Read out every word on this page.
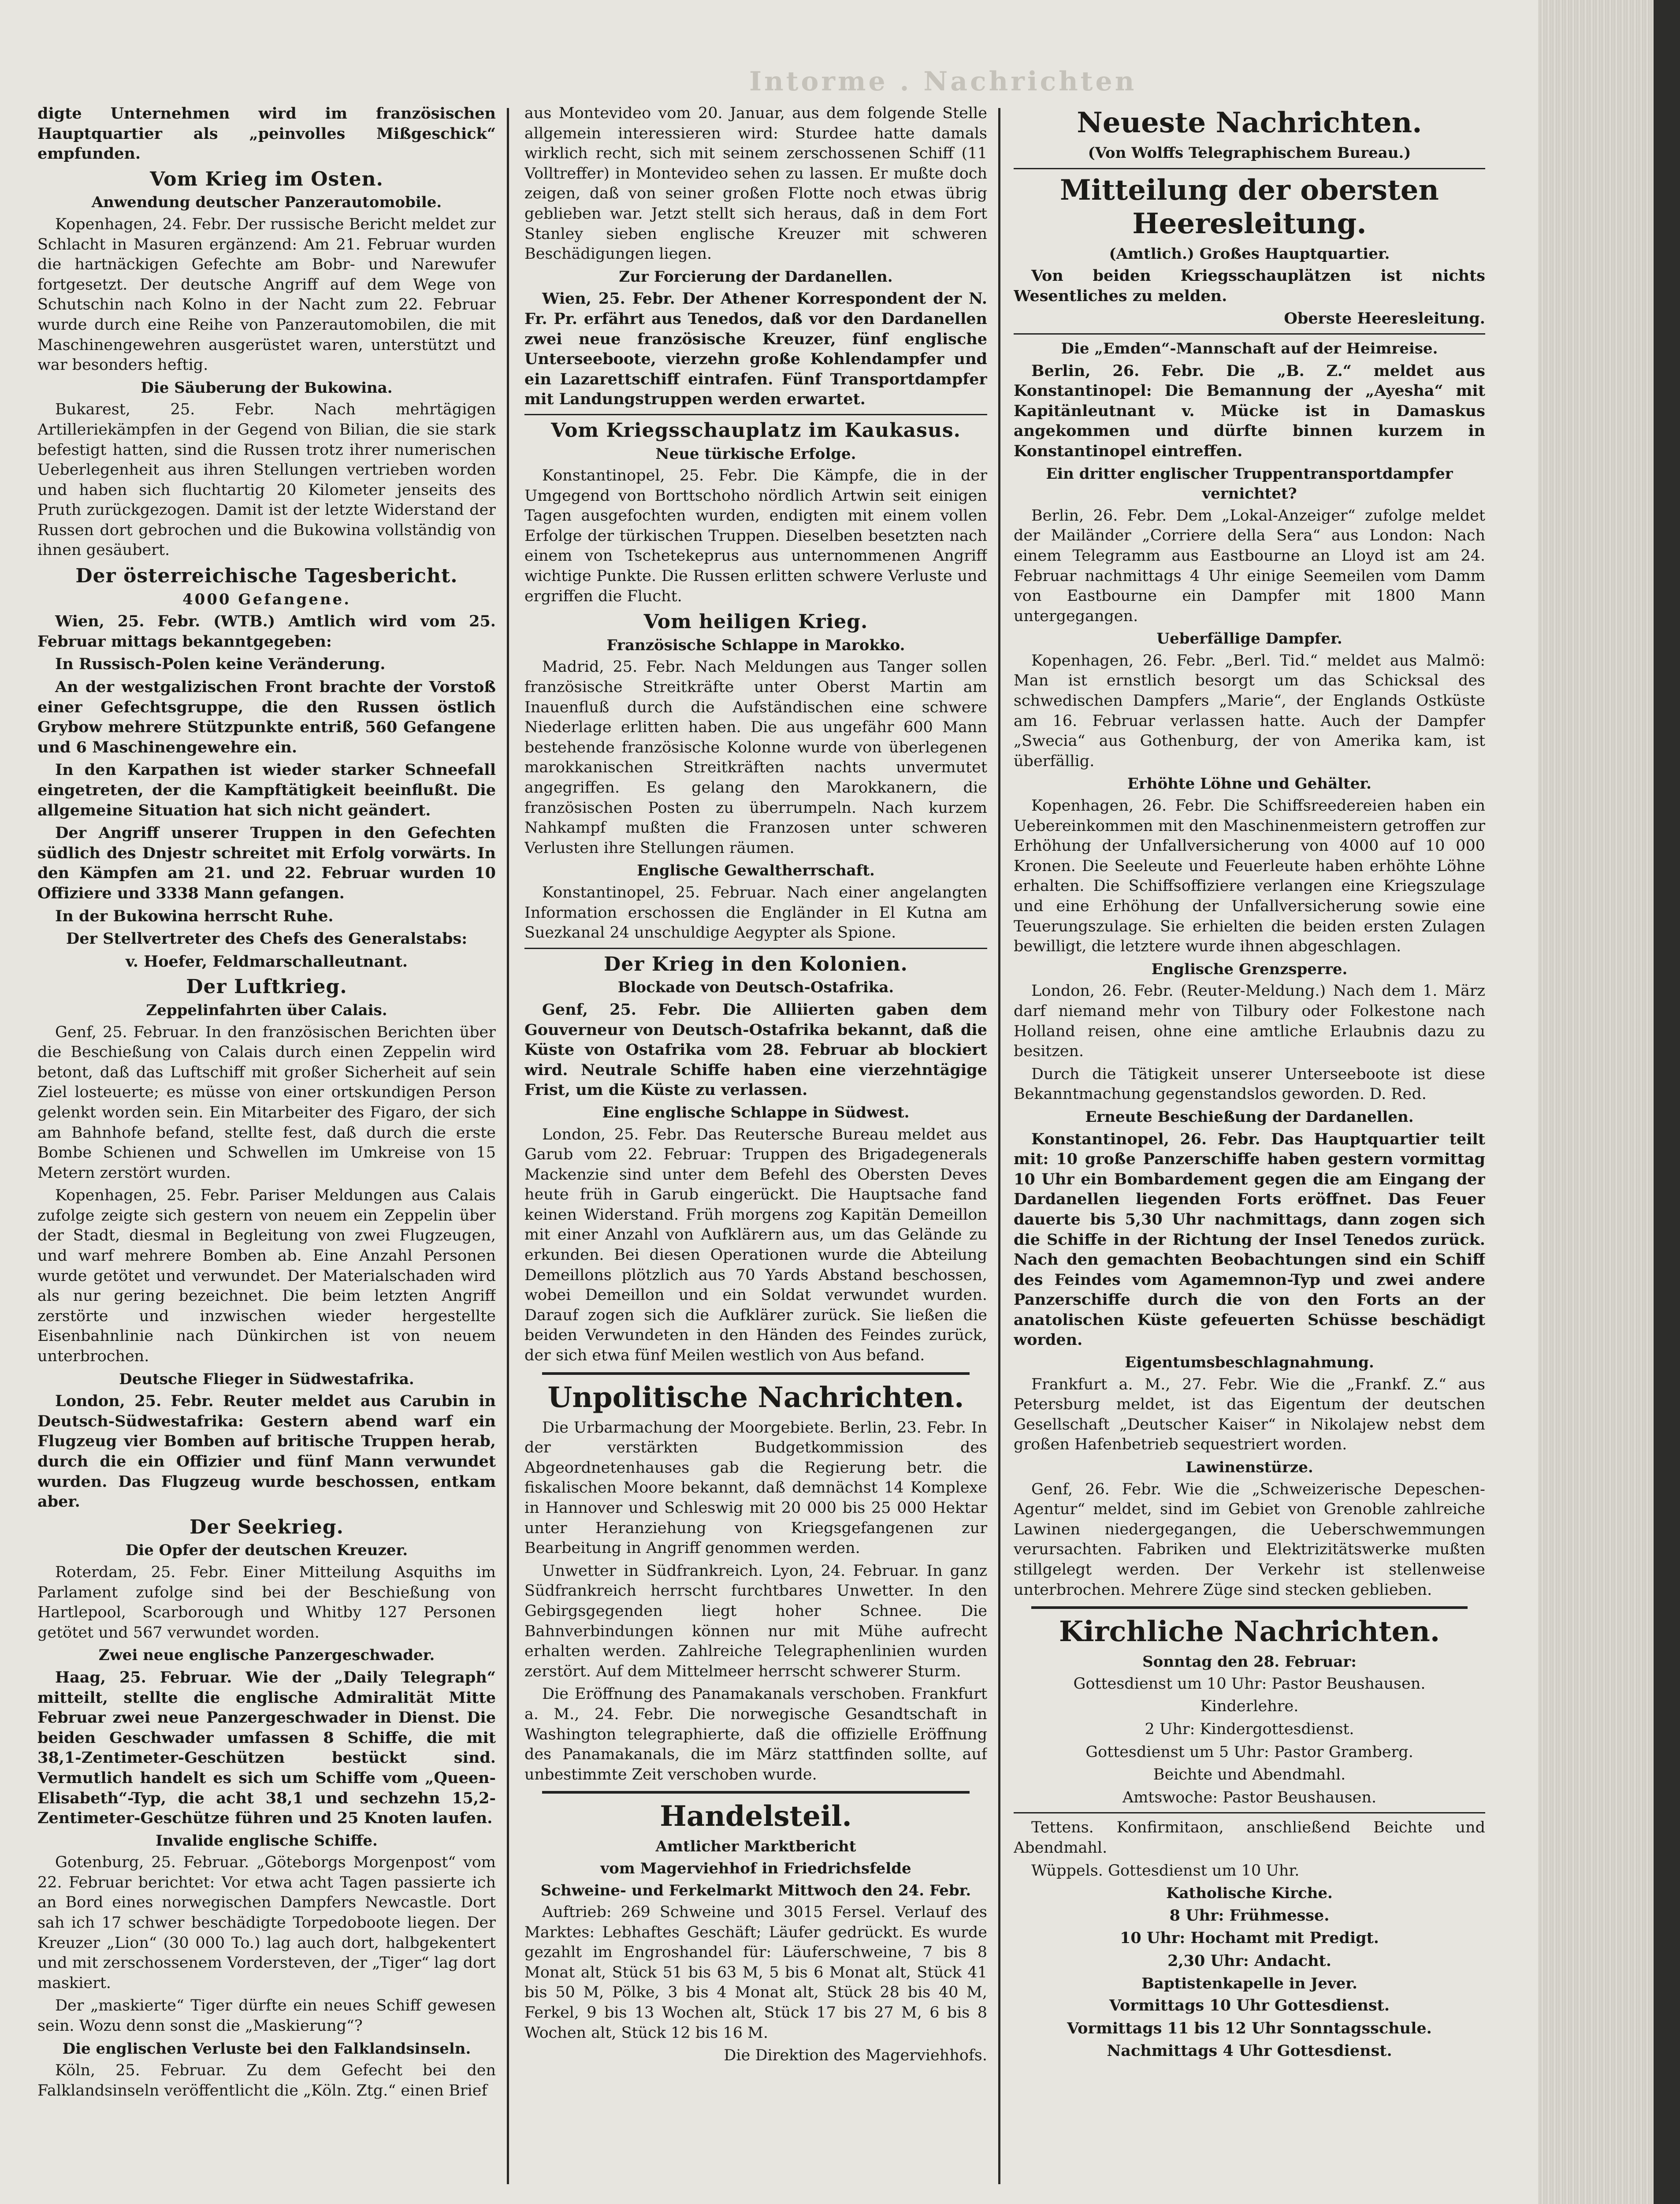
Intorme . Nachrichten

digte Unternehmen wird im französischen Hauptquartier als „peinvolles Mißgeschick“ empfunden.

Vom Krieg im Osten.
Anwendung deutscher Panzerautomobile.

Kopenhagen, 24. Febr. Der russische Bericht meldet zur Schlacht in Masuren ergänzend: Am 21. Februar wurden die hartnäckigen Gefechte am Bobr- und Narewufer fortgesetzt. Der deutsche Angriff auf dem Wege von Schutschin nach Kolno in der Nacht zum 22. Februar wurde durch eine Reihe von Panzerautomobilen, die mit Maschinengewehren ausgerüstet waren, unterstützt und war besonders heftig.

Die Säuberung der Bukowina.

Bukarest, 25. Febr. Nach mehrtägigen Artilleriekämpfen in der Gegend von Bilian, die sie stark befestigt hatten, sind die Russen trotz ihrer numerischen Ueberlegenheit aus ihren Stellungen vertrieben worden und haben sich fluchtartig 20 Kilometer jenseits des Pruth zurückgezogen. Damit ist der letzte Widerstand der Russen dort gebrochen und die Bukowina vollständig von ihnen gesäubert.

Der österreichische Tagesbericht.
4000 Gefangene.

Wien, 25. Febr. (WTB.) Amtlich wird vom 25. Februar mittags bekanntgegeben:

In Russisch-Polen keine Veränderung.

An der westgalizischen Front brachte der Vorstoß einer Gefechtsgruppe, die den Russen östlich Grybow mehrere Stützpunkte entriß, 560 Gefangene und 6 Maschinengewehre ein.

In den Karpathen ist wieder starker Schneefall eingetreten, der die Kampftätigkeit beeinflußt. Die allgemeine Situation hat sich nicht geändert.

Der Angriff unserer Truppen in den Gefechten südlich des Dnjestr schreitet mit Erfolg vorwärts. In den Kämpfen am 21. und 22. Februar wurden 10 Offiziere und 3338 Mann gefangen.

In der Bukowina herrscht Ruhe.

Der Stellvertreter des Chefs des Generalstabs:

v. Hoefer, Feldmarschalleutnant.

Der Luftkrieg.
Zeppelinfahrten über Calais.

Genf, 25. Februar. In den französischen Berichten über die Beschießung von Calais durch einen Zeppelin wird betont, daß das Luftschiff mit großer Sicherheit auf sein Ziel losteuerte; es müsse von einer ortskundigen Person gelenkt worden sein. Ein Mitarbeiter des Figaro, der sich am Bahnhofe befand, stellte fest, daß durch die erste Bombe Schienen und Schwellen im Umkreise von 15 Metern zerstört wurden.

Kopenhagen, 25. Febr. Pariser Meldungen aus Calais zufolge zeigte sich gestern von neuem ein Zeppelin über der Stadt, diesmal in Begleitung von zwei Flugzeugen, und warf mehrere Bomben ab. Eine Anzahl Personen wurde getötet und verwundet. Der Materialschaden wird als nur gering bezeichnet. Die beim letzten Angriff zerstörte und inzwischen wieder hergestellte Eisenbahnlinie nach Dünkirchen ist von neuem unterbrochen.

Deutsche Flieger in Südwestafrika.

London, 25. Febr. Reuter meldet aus Carubin in Deutsch-Südwestafrika: Gestern abend warf ein Flugzeug vier Bomben auf britische Truppen herab, durch die ein Offizier und fünf Mann verwundet wurden. Das Flugzeug wurde beschossen, entkam aber.

Der Seekrieg.
Die Opfer der deutschen Kreuzer.

Roterdam, 25. Febr. Einer Mitteilung Asquiths im Parlament zufolge sind bei der Beschießung von Hartlepool, Scarborough und Whitby 127 Personen getötet und 567 verwundet worden.

Zwei neue englische Panzergeschwader.

Haag, 25. Februar. Wie der „Daily Telegraph“ mitteilt, stellte die englische Admiralität Mitte Februar zwei neue Panzergeschwader in Dienst. Die beiden Geschwader umfassen 8 Schiffe, die mit 38,1-Zentimeter-Geschützen bestückt sind. Vermutlich handelt es sich um Schiffe vom „Queen-Elisabeth“-Typ, die acht 38,1 und sechzehn 15,2-Zentimeter-Geschütze führen und 25 Knoten laufen.

Invalide englische Schiffe.

Gotenburg, 25. Februar. „Göteborgs Morgenpost“ vom 22. Februar berichtet: Vor etwa acht Tagen passierte ich an Bord eines norwegischen Dampfers Newcastle. Dort sah ich 17 schwer beschädigte Torpedoboote liegen. Der Kreuzer „Lion“ (30 000 To.) lag auch dort, halbgekentert und mit zerschossenem Vordersteven, der „Tiger“ lag dort maskiert.

Der „maskierte“ Tiger dürfte ein neues Schiff gewesen sein. Wozu denn sonst die „Maskierung“?

Die englischen Verluste bei den Falklandsinseln.

Köln, 25. Februar. Zu dem Gefecht bei den Falklandsinseln veröffentlicht die „Köln. Ztg.“ einen Brief

aus Montevideo vom 20. Januar, aus dem folgende Stelle allgemein interessieren wird: Sturdee hatte damals wirklich recht, sich mit seinem zerschossenen Schiff (11 Volltreffer) in Montevideo sehen zu lassen. Er mußte doch zeigen, daß von seiner großen Flotte noch etwas übrig geblieben war. Jetzt stellt sich heraus, daß in dem Fort Stanley sieben englische Kreuzer mit schweren Beschädigungen liegen.

Zur Forcierung der Dardanellen.

Wien, 25. Febr. Der Athener Korrespondent der N. Fr. Pr. erfährt aus Tenedos, daß vor den Dardanellen zwei neue französische Kreuzer, fünf englische Unterseeboote, vierzehn große Kohlendampfer und ein Lazarettschiff eintrafen. Fünf Transportdampfer mit Landungstruppen werden erwartet.

Vom Kriegsschauplatz im Kaukasus.
Neue türkische Erfolge.

Konstantinopel, 25. Febr. Die Kämpfe, die in der Umgegend von Borttschoho nördlich Artwin seit einigen Tagen ausgefochten wurden, endigten mit einem vollen Erfolge der türkischen Truppen. Dieselben besetzten nach einem von Tschetekeprus aus unternommenen Angriff wichtige Punkte. Die Russen erlitten schwere Verluste und ergriffen die Flucht.

Vom heiligen Krieg.
Französische Schlappe in Marokko.

Madrid, 25. Febr. Nach Meldungen aus Tanger sollen französische Streitkräfte unter Oberst Martin am Inauenfluß durch die Aufständischen eine schwere Niederlage erlitten haben. Die aus ungefähr 600 Mann bestehende französische Kolonne wurde von überlegenen marokkanischen Streitkräften nachts unvermutet angegriffen. Es gelang den Marokkanern, die französischen Posten zu überrumpeln. Nach kurzem Nahkampf mußten die Franzosen unter schweren Verlusten ihre Stellungen räumen.

Englische Gewaltherrschaft.

Konstantinopel, 25. Februar. Nach einer angelangten Information erschossen die Engländer in El Kutna am Suezkanal 24 unschuldige Aegypter als Spione.

Der Krieg in den Kolonien.
Blockade von Deutsch-Ostafrika.

Genf, 25. Febr. Die Alliierten gaben dem Gouverneur von Deutsch-Ostafrika bekannt, daß die Küste von Ostafrika vom 28. Februar ab blockiert wird. Neutrale Schiffe haben eine vierzehntägige Frist, um die Küste zu verlassen.

Eine englische Schlappe in Südwest.

London, 25. Febr. Das Reutersche Bureau meldet aus Garub vom 22. Februar: Truppen des Brigadegenerals Mackenzie sind unter dem Befehl des Obersten Deves heute früh in Garub eingerückt. Die Hauptsache fand keinen Widerstand. Früh morgens zog Kapitän Demeillon mit einer Anzahl von Aufklärern aus, um das Gelände zu erkunden. Bei diesen Operationen wurde die Abteilung Demeillons plötzlich aus 70 Yards Abstand beschossen, wobei Demeillon und ein Soldat verwundet wurden. Darauf zogen sich die Aufklärer zurück. Sie ließen die beiden Verwundeten in den Händen des Feindes zurück, der sich etwa fünf Meilen westlich von Aus befand.

Unpolitische Nachrichten.

Die Urbarmachung der Moorgebiete. Berlin, 23. Febr. In der verstärkten Budgetkommission des Abgeordnetenhauses gab die Regierung betr. die fiskalischen Moore bekannt, daß demnächst 14 Komplexe in Hannover und Schleswig mit 20 000 bis 25 000 Hektar unter Heranziehung von Kriegsgefangenen zur Bearbeitung in Angriff genommen werden.

Unwetter in Südfrankreich. Lyon, 24. Februar. In ganz Südfrankreich herrscht furchtbares Unwetter. In den Gebirgsgegenden liegt hoher Schnee. Die Bahnverbindungen können nur mit Mühe aufrecht erhalten werden. Zahlreiche Telegraphenlinien wurden zerstört. Auf dem Mittelmeer herrscht schwerer Sturm.

Die Eröffnung des Panamakanals verschoben. Frankfurt a. M., 24. Febr. Die norwegische Gesandtschaft in Washington telegraphierte, daß die offizielle Eröffnung des Panamakanals, die im März stattfinden sollte, auf unbestimmte Zeit verschoben wurde.

Handelsteil.
Amtlicher Marktbericht
vom Magerviehhof in Friedrichsfelde
Schweine- und Ferkelmarkt Mittwoch den 24. Febr.

Auftrieb: 269 Schweine und 3015 Fersel. Verlauf des Marktes: Lebhaftes Geschäft; Läufer gedrückt. Es wurde gezahlt im Engroshandel für: Läuferschweine, 7 bis 8 Monat alt, Stück 51 bis 63 M, 5 bis 6 Monat alt, Stück 41 bis 50 M, Pölke, 3 bis 4 Monat alt, Stück 28 bis 40 M, Ferkel, 9 bis 13 Wochen alt, Stück 17 bis 27 M, 6 bis 8 Wochen alt, Stück 12 bis 16 M.

Die Direktion des Magerviehhofs.

Neueste Nachrichten.
(Von Wolffs Telegraphischem Bureau.)
Mitteilung der obersten Heeresleitung.
(Amtlich.) Großes Hauptquartier.

Von beiden Kriegsschauplätzen ist nichts Wesentliches zu melden.

Oberste Heeresleitung.

Die „Emden“-Mannschaft auf der Heimreise.

Berlin, 26. Febr. Die „B. Z.“ meldet aus Konstantinopel: Die Bemannung der „Ayesha“ mit Kapitänleutnant v. Mücke ist in Damaskus angekommen und dürfte binnen kurzem in Konstantinopel eintreffen.

Ein dritter englischer Truppentransportdampfer vernichtet?

Berlin, 26. Febr. Dem „Lokal-Anzeiger“ zufolge meldet der Mailänder „Corriere della Sera“ aus London: Nach einem Telegramm aus Eastbourne an Lloyd ist am 24. Februar nachmittags 4 Uhr einige Seemeilen vom Damm von Eastbourne ein Dampfer mit 1800 Mann untergegangen.

Ueberfällige Dampfer.

Kopenhagen, 26. Febr. „Berl. Tid.“ meldet aus Malmö: Man ist ernstlich besorgt um das Schicksal des schwedischen Dampfers „Marie“, der Englands Ostküste am 16. Februar verlassen hatte. Auch der Dampfer „Swecia“ aus Gothenburg, der von Amerika kam, ist überfällig.

Erhöhte Löhne und Gehälter.

Kopenhagen, 26. Febr. Die Schiffsreedereien haben ein Uebereinkommen mit den Maschinenmeistern getroffen zur Erhöhung der Unfallversicherung von 4000 auf 10 000 Kronen. Die Seeleute und Feuerleute haben erhöhte Löhne erhalten. Die Schiffsoffiziere verlangen eine Kriegszulage und eine Erhöhung der Unfallversicherung sowie eine Teuerungszulage. Sie erhielten die beiden ersten Zulagen bewilligt, die letztere wurde ihnen abgeschlagen.

Englische Grenzsperre.

London, 26. Febr. (Reuter-Meldung.) Nach dem 1. März darf niemand mehr von Tilbury oder Folkestone nach Holland reisen, ohne eine amtliche Erlaubnis dazu zu besitzen.

Durch die Tätigkeit unserer Unterseeboote ist diese Bekanntmachung gegenstandslos geworden. D. Red.

Erneute Beschießung der Dardanellen.

Konstantinopel, 26. Febr. Das Hauptquartier teilt mit: 10 große Panzerschiffe haben gestern vormittag 10 Uhr ein Bombardement gegen die am Eingang der Dardanellen liegenden Forts eröffnet. Das Feuer dauerte bis 5,30 Uhr nachmittags, dann zogen sich die Schiffe in der Richtung der Insel Tenedos zurück. Nach den gemachten Beobachtungen sind ein Schiff des Feindes vom Agamemnon-Typ und zwei andere Panzerschiffe durch die von den Forts an der anatolischen Küste gefeuerten Schüsse beschädigt worden.

Eigentumsbeschlagnahmung.

Frankfurt a. M., 27. Febr. Wie die „Frankf. Z.“ aus Petersburg meldet, ist das Eigentum der deutschen Gesellschaft „Deutscher Kaiser“ in Nikolajew nebst dem großen Hafenbetrieb sequestriert worden.

Lawinenstürze.

Genf, 26. Febr. Wie die „Schweizerische Depeschen-Agentur“ meldet, sind im Gebiet von Grenoble zahlreiche Lawinen niedergegangen, die Ueberschwemmungen verursachten. Fabriken und Elektrizitätswerke mußten stillgelegt werden. Der Verkehr ist stellenweise unterbrochen. Mehrere Züge sind stecken geblieben.

Kirchliche Nachrichten.
Sonntag den 28. Februar:

Gottesdienst um 10 Uhr: Pastor Beushausen.

Kinderlehre.

2 Uhr: Kindergottesdienst.

Gottesdienst um 5 Uhr: Pastor Gramberg.

Beichte und Abendmahl.

Amtswoche: Pastor Beushausen.

Tettens. Konfirmitaon, anschließend Beichte und Abendmahl.

Wüppels. Gottesdienst um 10 Uhr.

Katholische Kirche.

8 Uhr: Frühmesse.

10 Uhr: Hochamt mit Predigt.

2,30 Uhr: Andacht.

Baptistenkapelle in Jever.

Vormittags 10 Uhr Gottesdienst.

Vormittags 11 bis 12 Uhr Sonntagsschule.

Nachmittags 4 Uhr Gottesdienst.
